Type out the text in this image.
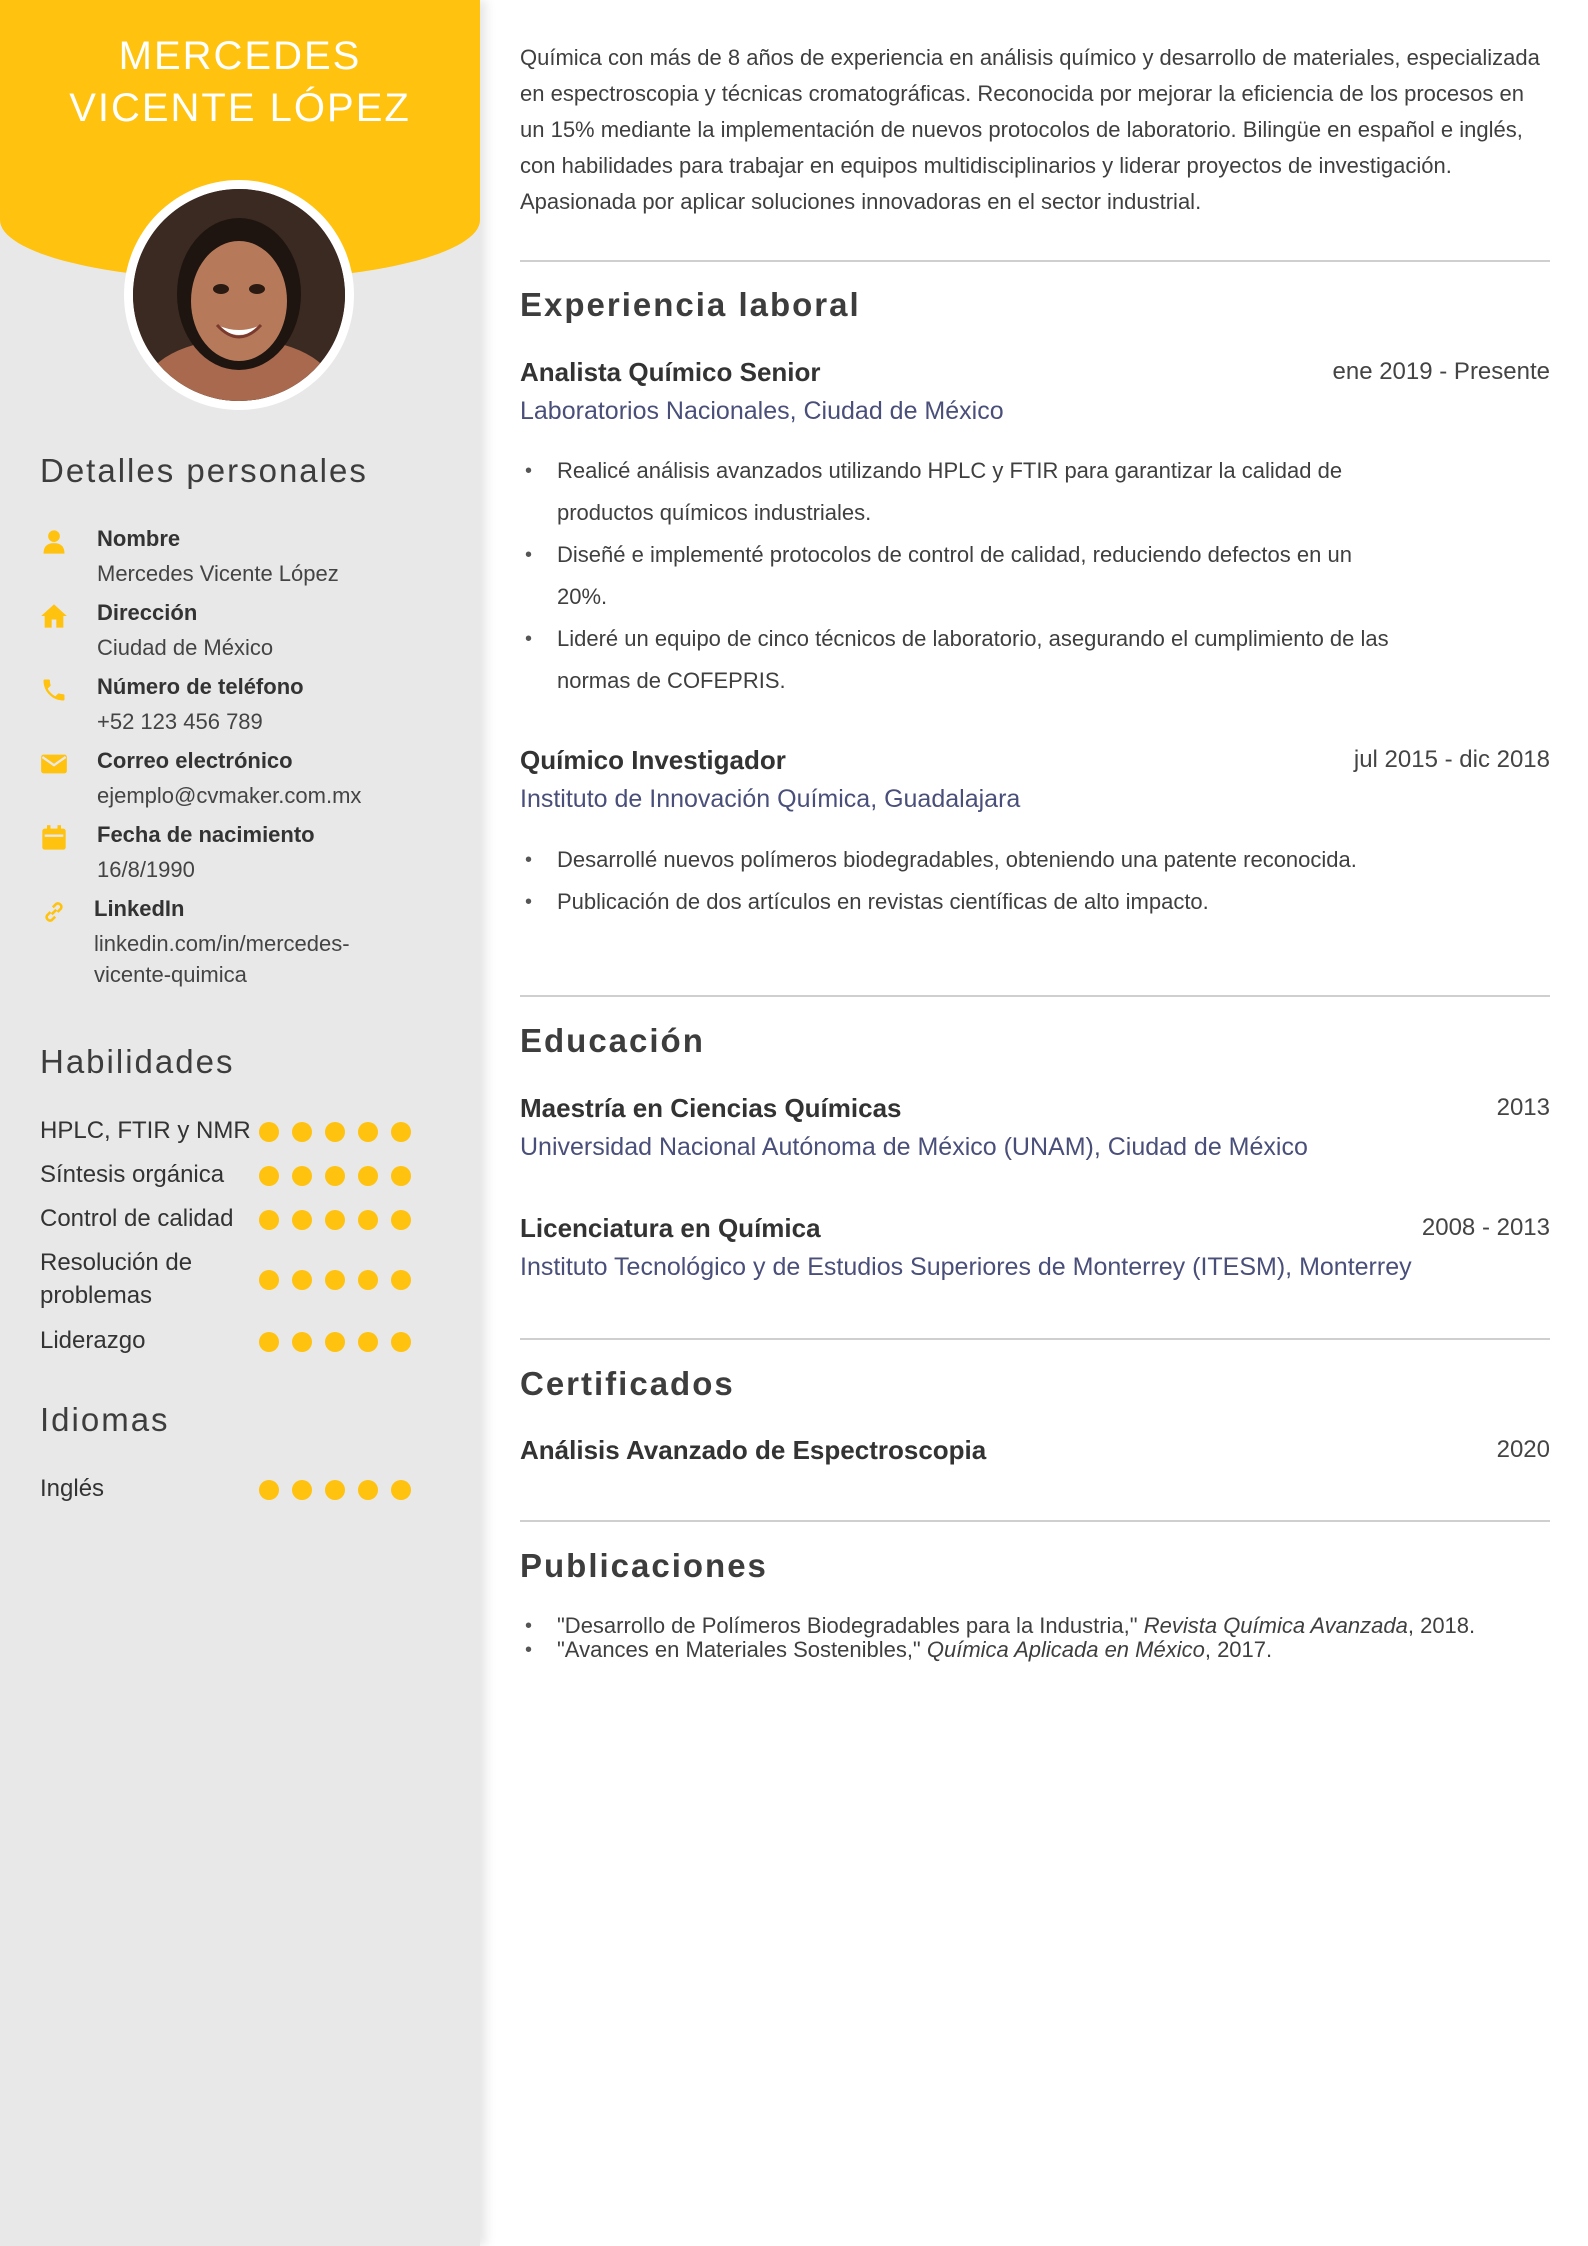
MERCEDES
VICENTE LÓPEZ
Detalles personales
Nombre
Mercedes Vicente López
Dirección
Ciudad de México
Número de teléfono
+52 123 456 789
Correo electrónico
ejemplo@cvmaker.com.mx
Fecha de nacimiento
16/8/1990
LinkedIn
linkedin.com/in/mercedes-vicente-quimica
Habilidades
HPLC, FTIR y NMR
Síntesis orgánica
Control de calidad
Resolución de problemas
Liderazgo
Idiomas
Inglés

Química con más de 8 años de experiencia en análisis químico y desarrollo de materiales, especializada en espectroscopia y técnicas cromatográficas. Reconocida por mejorar la eficiencia de los procesos en un 15% mediante la implementación de nuevos protocolos de laboratorio. Bilingüe en español e inglés, con habilidades para trabajar en equipos multidisciplinarios y liderar proyectos de investigación. Apasionada por aplicar soluciones innovadoras en el sector industrial.

Experiencia laboral
Analista Químico Senior	ene 2019 - Presente
Laboratorios Nacionales, Ciudad de México
• Realicé análisis avanzados utilizando HPLC y FTIR para garantizar la calidad de productos químicos industriales.
• Diseñé e implementé protocolos de control de calidad, reduciendo defectos en un 20%.
• Lideré un equipo de cinco técnicos de laboratorio, asegurando el cumplimiento de las normas de COFEPRIS.
Químico Investigador	jul 2015 - dic 2018
Instituto de Innovación Química, Guadalajara
• Desarrollé nuevos polímeros biodegradables, obteniendo una patente reconocida.
• Publicación de dos artículos en revistas científicas de alto impacto.
Educación
Maestría en Ciencias Químicas	2013
Universidad Nacional Autónoma de México (UNAM), Ciudad de México
Licenciatura en Química	2008 - 2013
Instituto Tecnológico y de Estudios Superiores de Monterrey (ITESM), Monterrey
Certificados
Análisis Avanzado de Espectroscopia	2020
Publicaciones
• "Desarrollo de Polímeros Biodegradables para la Industria," Revista Química Avanzada, 2018.
• "Avances en Materiales Sostenibles," Química Aplicada en México, 2017.
